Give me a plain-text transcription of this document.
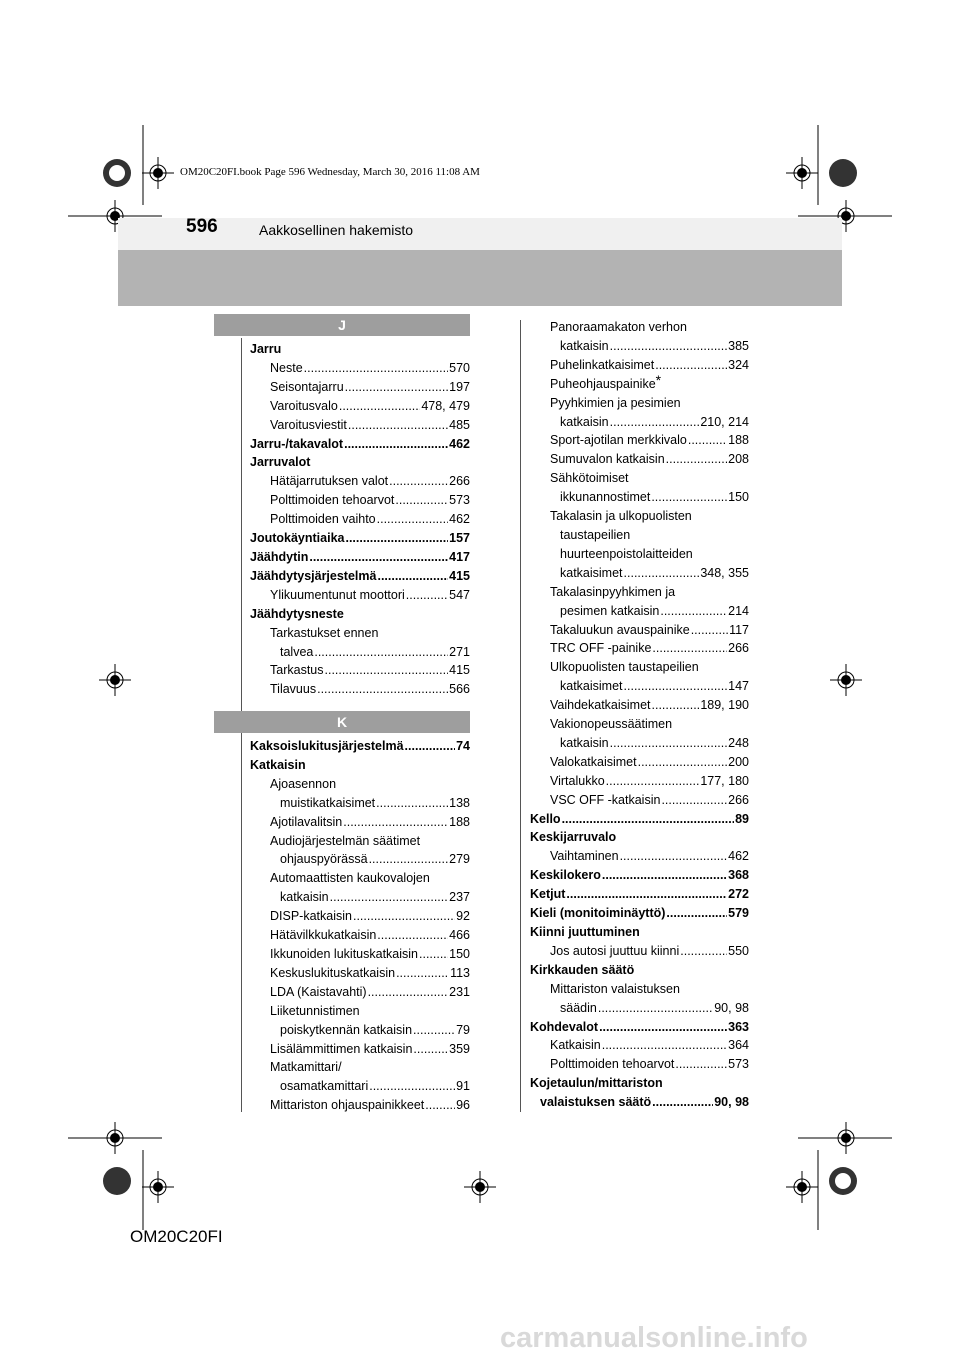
OM20C20FI.book Page 596 Wednesday, March 30, 2016 11:08 AM
596	Aakkosellinen hakemisto
J
Jarru
Neste .....	570
Seisontajarru .....	197
Varoitusvalo .....	478, 479
Varoitusviestit .....	485
Jarru-/takavalot .....	462
Jarruvalot
Hätäjarrutuksen valot .....	266
Polttimoiden tehoarvot .....	573
Polttimoiden vaihto .....	462
Joutokäyntiaika .....	157
Jäähdytin .....	417
Jäähdytysjärjestelmä .....	415
Ylikuumentunut moottori .....	547
Jäähdytysneste
Tarkastukset ennen
talvea .....	271
Tarkastus .....	415
Tilavuus .....	566
K
Kaksoislukitusjärjestelmä .....	74
Katkaisin
Ajoasennon
muistikatkaisimet .....	138
Ajotilavalitsin .....	188
Audiojärjestelmän säätimet
ohjauspyörässä .....	279
Automaattisten kaukovalojen
katkaisin .....	237
DISP-katkaisin .....	92
Hätävilkkukatkaisin .....	466
Ikkunoiden lukituskatkaisin ..... 150
Keskuslukituskatkaisin .....	113
LDA (Kaistavahti) .....	231
Liiketunnistimen
poiskytkennän katkaisin .....	79
Lisälämmittimen katkaisin .....	359
Matkamittari/
osamatkamittari .....	91
Mittariston ohjauspainikkeet .....	96
Panoraamakaton verhon
katkaisin .....	385
Puhelinkatkaisimet .....	324
Puheohjauspainike*
Pyyhkimien ja pesimien
katkaisin .....	210, 214
Sport-ajotilan merkkivalo .....	188
Sumuvalon katkaisin .....	208
Sähkötoimiset
ikkunannostimet .....	150
Takalasin ja ulkopuolisten
taustapeilien
huurteenpoistolaitteiden
katkaisimet .....	348, 355
Takalasinpyyhkimen ja
pesimen katkaisin .....	214
Takaluukun avauspainike .....	117
TRC OFF -painike .....	266
Ulkopuolisten taustapeilien
katkaisimet .....	147
Vaihdekatkaisimet .....	189, 190
Vakionopeussäätimen
katkaisin .....	248
Valokatkaisimet .....	200
Virtalukko .....	177, 180
VSC OFF -katkaisin .....	266
Kello .....	89
Keskijarruvalo
Vaihtaminen .....	462
Keskilokero .....	368
Ketjut .....	272
Kieli (monitoiminäyttö) .....	579
Kiinni juuttuminen
Jos autosi juuttuu kiinni .....	550
Kirkkauden säätö
Mittariston valaistuksen
säädin .....	90, 98
Kohdevalot .....	363
Katkaisin .....	364
Polttimoiden tehoarvot .....	573
Kojetaulun/mittariston
valaistuksen säätö .....	90, 98
OM20C20FI
carmanualsonline.info
